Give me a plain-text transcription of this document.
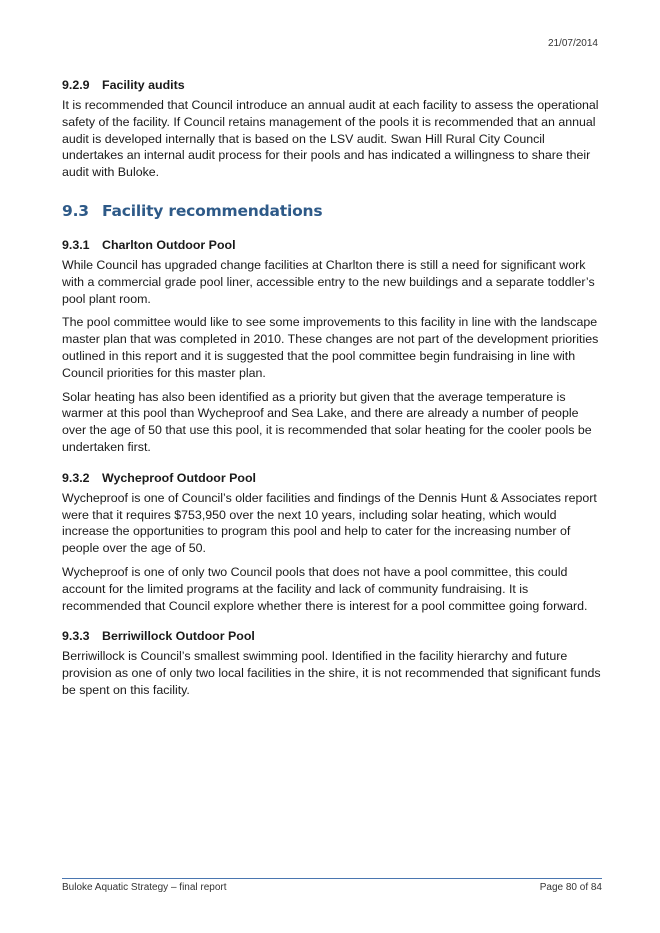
21/07/2014
9.2.9 Facility audits

It is recommended that Council introduce an annual audit at each facility to assess the operational safety of the facility. If Council retains management of the pools it is recommended that an annual audit is developed internally that is based on the LSV audit. Swan Hill Rural City Council undertakes an internal audit process for their pools and has indicated a willingness to share their audit with Buloke.

9.3 Facility recommendations
9.3.1 Charlton Outdoor Pool

While Council has upgraded change facilities at Charlton there is still a need for significant work with a commercial grade pool liner, accessible entry to the new buildings and a separate toddler’s pool plant room.

The pool committee would like to see some improvements to this facility in line with the landscape master plan that was completed in 2010. These changes are not part of the development priorities outlined in this report and it is suggested that the pool committee begin fundraising in line with Council priorities for this master plan.

Solar heating has also been identified as a priority but given that the average temperature is warmer at this pool than Wycheproof and Sea Lake, and there are already a number of people over the age of 50 that use this pool, it is recommended that solar heating for the cooler pools be undertaken first.

9.3.2 Wycheproof Outdoor Pool

Wycheproof is one of Council’s older facilities and findings of the Dennis Hunt & Associates report were that it requires $753,950 over the next 10 years, including solar heating, which would increase the opportunities to program this pool and help to cater for the increasing number of people over the age of 50.

Wycheproof is one of only two Council pools that does not have a pool committee, this could account for the limited programs at the facility and lack of community fundraising. It is recommended that Council explore whether there is interest for a pool committee going forward.

9.3.3 Berriwillock Outdoor Pool

Berriwillock is Council’s smallest swimming pool. Identified in the facility hierarchy and future provision as one of only two local facilities in the shire, it is not recommended that significant funds be spent on this facility.

Buloke Aquatic Strategy – final report	Page 80 of 84
